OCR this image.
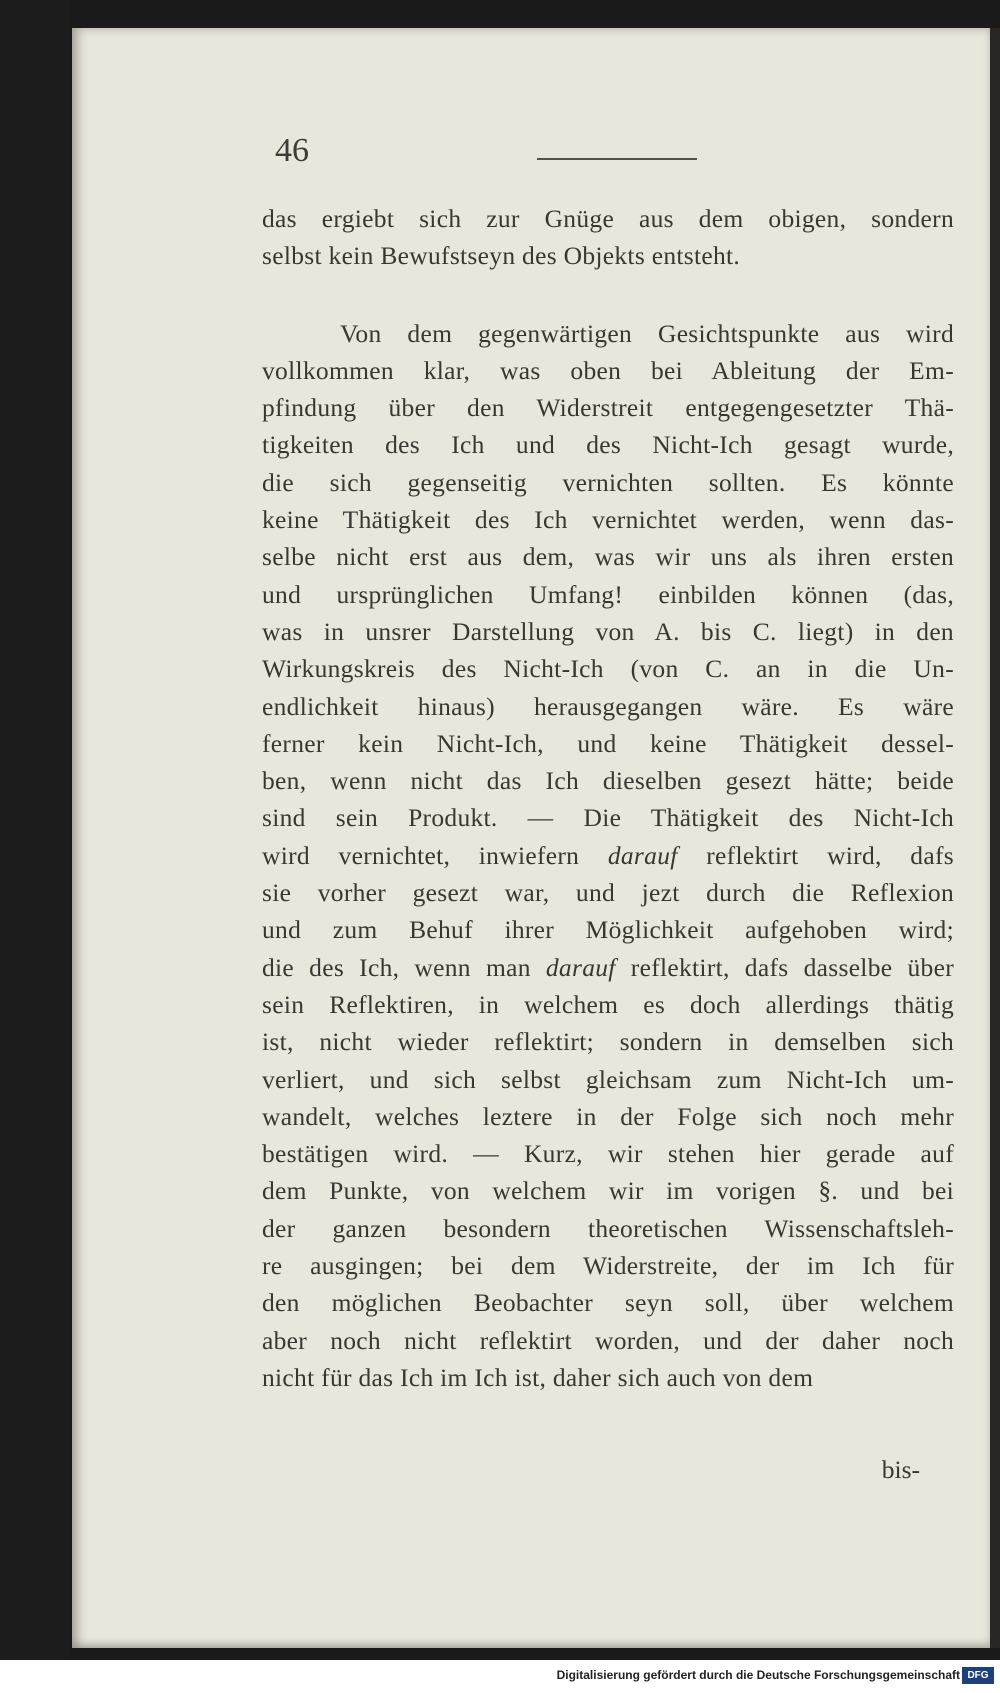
46
das ergiebt sich zur Gnüge aus dem obigen, sondern
selbst kein Bewufstseyn des Objekts entsteht.
Von dem gegenwärtigen Gesichtspunkte aus wird
vollkommen klar, was oben bei Ableitung der Em-
pfindung über den Widerstreit entgegengesetzter Thä-
tigkeiten des Ich und des Nicht-Ich gesagt wurde,
die sich gegenseitig vernichten sollten. Es könnte
keine Thätigkeit des Ich vernichtet werden, wenn das-
selbe nicht erst aus dem, was wir uns als ihren ersten
und ursprünglichen Umfang! einbilden können (das,
was in unsrer Darstellung von A. bis C. liegt) in den
Wirkungskreis des Nicht-Ich (von C. an in die Un-
endlichkeit hinaus) herausgegangen wäre. Es wäre
ferner kein Nicht-Ich, und keine Thätigkeit dessel-
ben, wenn nicht das Ich dieselben gesezt hätte; beide
sind sein Produkt. — Die Thätigkeit des Nicht-Ich
wird vernichtet, inwiefern darauf reflektirt wird, dafs
sie vorher gesezt war, und jezt durch die Reflexion
und zum Behuf ihrer Möglichkeit aufgehoben wird;
die des Ich, wenn man darauf reflektirt, dafs dasselbe über
sein Reflektiren, in welchem es doch allerdings thätig
ist, nicht wieder reflektirt; sondern in demselben sich
verliert, und sich selbst gleichsam zum Nicht-Ich um-
wandelt, welches leztere in der Folge sich noch mehr
bestätigen wird. — Kurz, wir stehen hier gerade auf
dem Punkte, von welchem wir im vorigen §. und bei
der ganzen besondern theoretischen Wissenschaftsleh-
re ausgingen; bei dem Widerstreite, der im Ich für
den möglichen Beobachter seyn soll, über welchem
aber noch nicht reflektirt worden, und der daher noch
nicht für das Ich im Ich ist, daher sich auch von dem
bis-
Digitalisierung gefördert durch die Deutsche Forschungsgemeinschaft DFG
